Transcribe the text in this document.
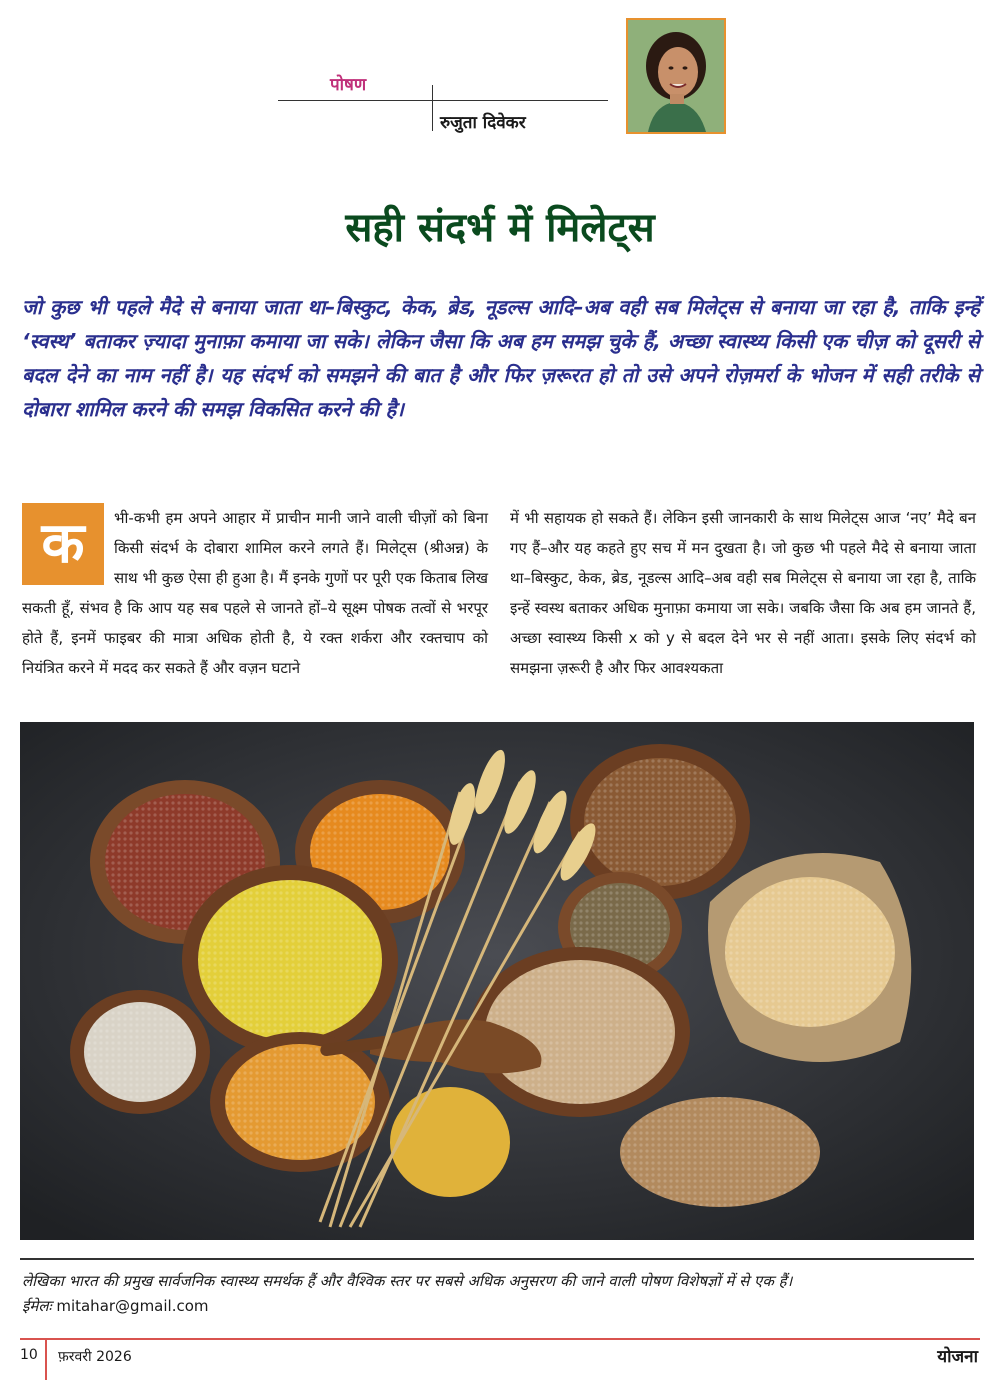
पोषण
रुजुता दिवेकर
सही संदर्भ में मिलेट्स
जो कुछ भी पहले मैदे से बनाया जाता था–बिस्कुट, केक, ब्रेड, नूडल्स आदि–अब वही सब मिलेट्स से बनाया जा रहा है, ताकि इन्हें ‘स्वस्थ’ बताकर ज़्यादा मुनाफ़ा कमाया जा सके। लेकिन जैसा कि अब हम समझ चुके हैं, अच्छा स्वास्थ्य किसी एक चीज़ को दूसरी से बदल देने का नाम नहीं है। यह संदर्भ को समझने की बात है और फिर ज़रूरत हो तो उसे अपने रोज़मर्रा के भोजन में सही तरीके से दोबारा शामिल करने की समझ विकसित करने की है।
क	भी-कभी हम अपने आहार में प्राचीन मानी जाने वाली चीज़ों को बिना किसी संदर्भ के दोबारा शामिल करने लगते हैं। मिलेट्स (श्रीअन्न) के साथ भी कुछ ऐसा ही हुआ है। मैं इनके गुणों पर पूरी एक किताब लिख सकती हूँ, संभव है कि आप यह सब पहले से जानते हों–ये सूक्ष्म पोषक तत्वों से भरपूर होते हैं, इनमें फाइबर की मात्रा अधिक होती है, ये रक्त शर्करा और रक्तचाप को नियंत्रित करने में मदद कर सकते हैं और वज़न घटाने
में भी सहायक हो सकते हैं। लेकिन इसी जानकारी के साथ मिलेट्स आज ‘नए’ मैदे बन गए हैं–और यह कहते हुए सच में मन दुखता है। जो कुछ भी पहले मैदे से बनाया जाता था–बिस्कुट, केक, ब्रेड, नूडल्स आदि–अब वही सब मिलेट्स से बनाया जा रहा है, ताकि इन्हें स्वस्थ बताकर अधिक मुनाफ़ा कमाया जा सके। जबकि जैसा कि अब हम जानते हैं, अच्छा स्वास्थ्य किसी x को y से बदल देने भर से नहीं आता। इसके लिए संदर्भ को समझना ज़रूरी है और फिर आवश्यकता
लेखिका भारत की प्रमुख सार्वजनिक स्वास्थ्य समर्थक हैं और वैश्विक स्तर पर सबसे अधिक अनुसरण की जाने वाली पोषण विशेषज्ञों में से एक हैं।
ईमेलः mitahar@gmail.com
10 फ़रवरी 2026	योजना
